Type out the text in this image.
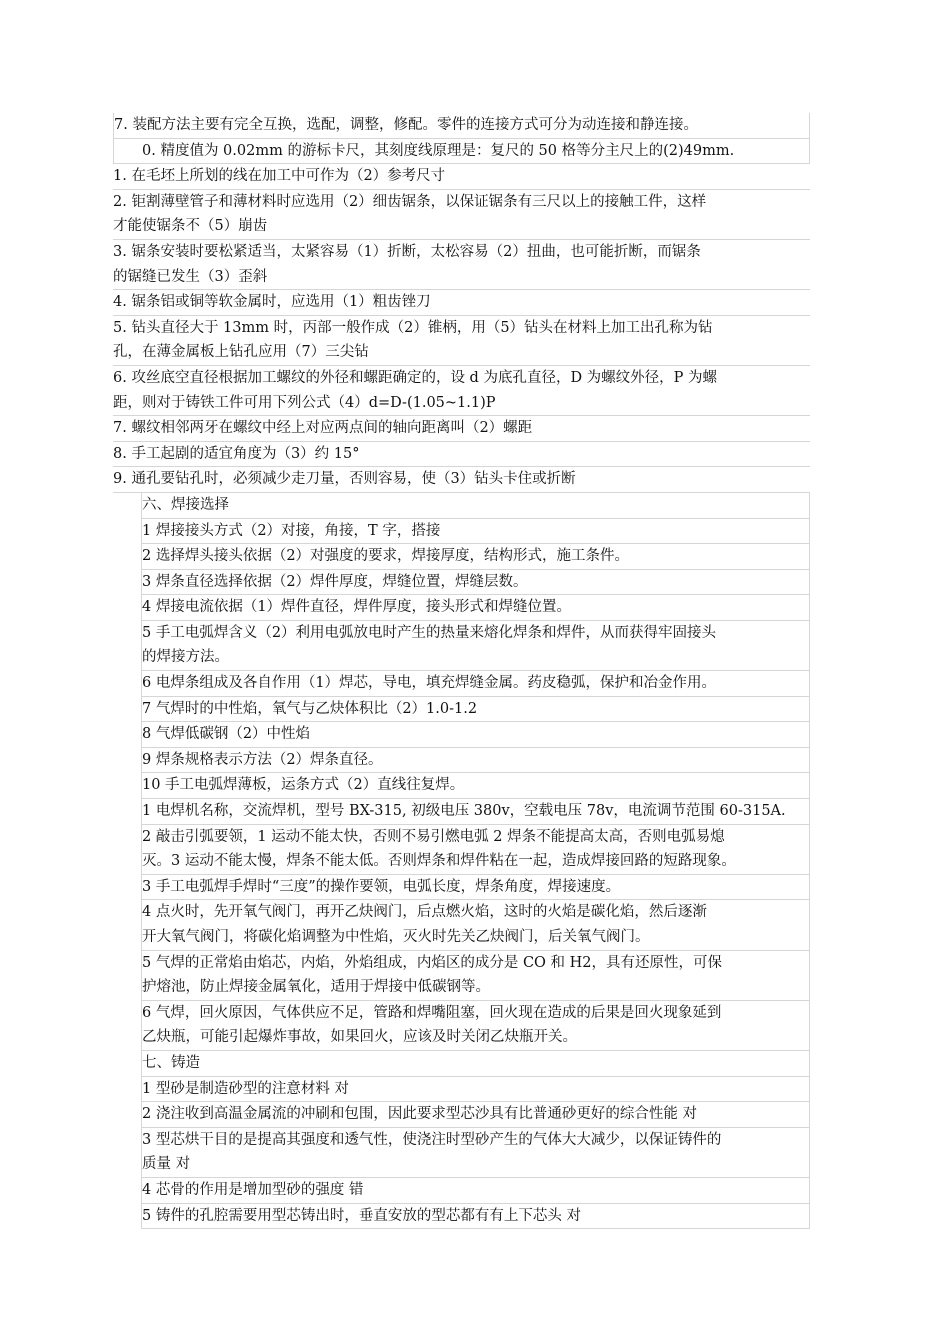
7. 装配方法主要有完全互换，选配，调整，修配。零件的连接方式可分为动连接和静连接。
0. 精度值为 0.02mm 的游标卡尺，其刻度线原理是：复尺的 50 格等分主尺上的(2)49mm.
1. 在毛坯上所划的线在加工中可作为（2）参考尺寸
2. 钜割薄壁管子和薄材料时应选用（2）细齿锯条，以保证锯条有三尺以上的接触工件，这样
才能使锯条不（5）崩齿
3. 锯条安装时要松紧适当，太紧容易（1）折断，太松容易（2）扭曲，也可能折断，而锯条
的锯缝已发生（3）歪斜
4. 锯条铝或铜等软金属时，应选用（1）粗齿锉刀
5. 钻头直径大于 13mm 时，丙部一般作成（2）锥柄，用（5）钻头在材料上加工出孔称为钻
孔，在薄金属板上钻孔应用（7）三尖钻
6. 攻丝底空直径根据加工螺纹的外径和螺距确定的，设 d 为底孔直径，D 为螺纹外径，P 为螺
距，则对于铸铁工件可用下列公式（4）d=D-(1.05~1.1)P
7. 螺纹相邻两牙在螺纹中经上对应两点间的轴向距离叫（2）螺距
8. 手工起剧的适宜角度为（3）约 15°
9. 通孔要钻孔时，必须减少走刀量，否则容易，使（3）钻头卡住或折断
六、焊接选择
1 焊接接头方式（2）对接，角接，T 字，搭接
2 选择焊头接头依据（2）对强度的要求，焊接厚度，结构形式，施工条件。
3 焊条直径选择依据（2）焊件厚度，焊缝位置，焊缝层数。
4 焊接电流依据（1）焊件直径，焊件厚度，接头形式和焊缝位置。
5 手工电弧焊含义（2）利用电弧放电时产生的热量来熔化焊条和焊件，从而获得牢固接头
的焊接方法。
6 电焊条组成及各自作用（1）焊芯，导电，填充焊缝金属。药皮稳弧，保护和冶金作用。
7 气焊时的中性焰，氧气与乙炔体积比（2）1.0-1.2
8 气焊低碳钢（2）中性焰
9 焊条规格表示方法（2）焊条直径。
10 手工电弧焊薄板，运条方式（2）直线往复焊。
1 电焊机名称，交流焊机，型号 BX-315, 初级电压 380v，空载电压 78v，电流调节范围 60-315A.
2 敲击引弧要领，1 运动不能太快，否则不易引燃电弧 2 焊条不能提高太高，否则电弧易熄
灭。3 运动不能太慢，焊条不能太低。否则焊条和焊件粘在一起，造成焊接回路的短路现象。
3 手工电弧焊手焊时“三度”的操作要领，电弧长度，焊条角度，焊接速度。
4 点火时，先开氧气阀门，再开乙炔阀门，后点燃火焰，这时的火焰是碳化焰，然后逐渐
开大氧气阀门，将碳化焰调整为中性焰，灭火时先关乙炔阀门，后关氧气阀门。
5 气焊的正常焰由焰芯，内焰，外焰组成，内焰区的成分是 CO 和 H2，具有还原性，可保
护熔池，防止焊接金属氧化，适用于焊接中低碳钢等。
6 气焊，回火原因，气体供应不足，管路和焊嘴阻塞，回火现在造成的后果是回火现象延到
乙炔瓶，可能引起爆炸事故，如果回火，应该及时关闭乙炔瓶开关。
七、铸造
1 型砂是制造砂型的注意材料 对
2 浇注收到高温金属流的冲刷和包围，因此要求型芯沙具有比普通砂更好的综合性能 对
3 型芯烘干目的是提高其强度和透气性，使浇注时型砂产生的气体大大减少，以保证铸件的
质量 对
4 芯骨的作用是增加型砂的强度 错
5 铸件的孔腔需要用型芯铸出时，垂直安放的型芯都有有上下芯头 对
